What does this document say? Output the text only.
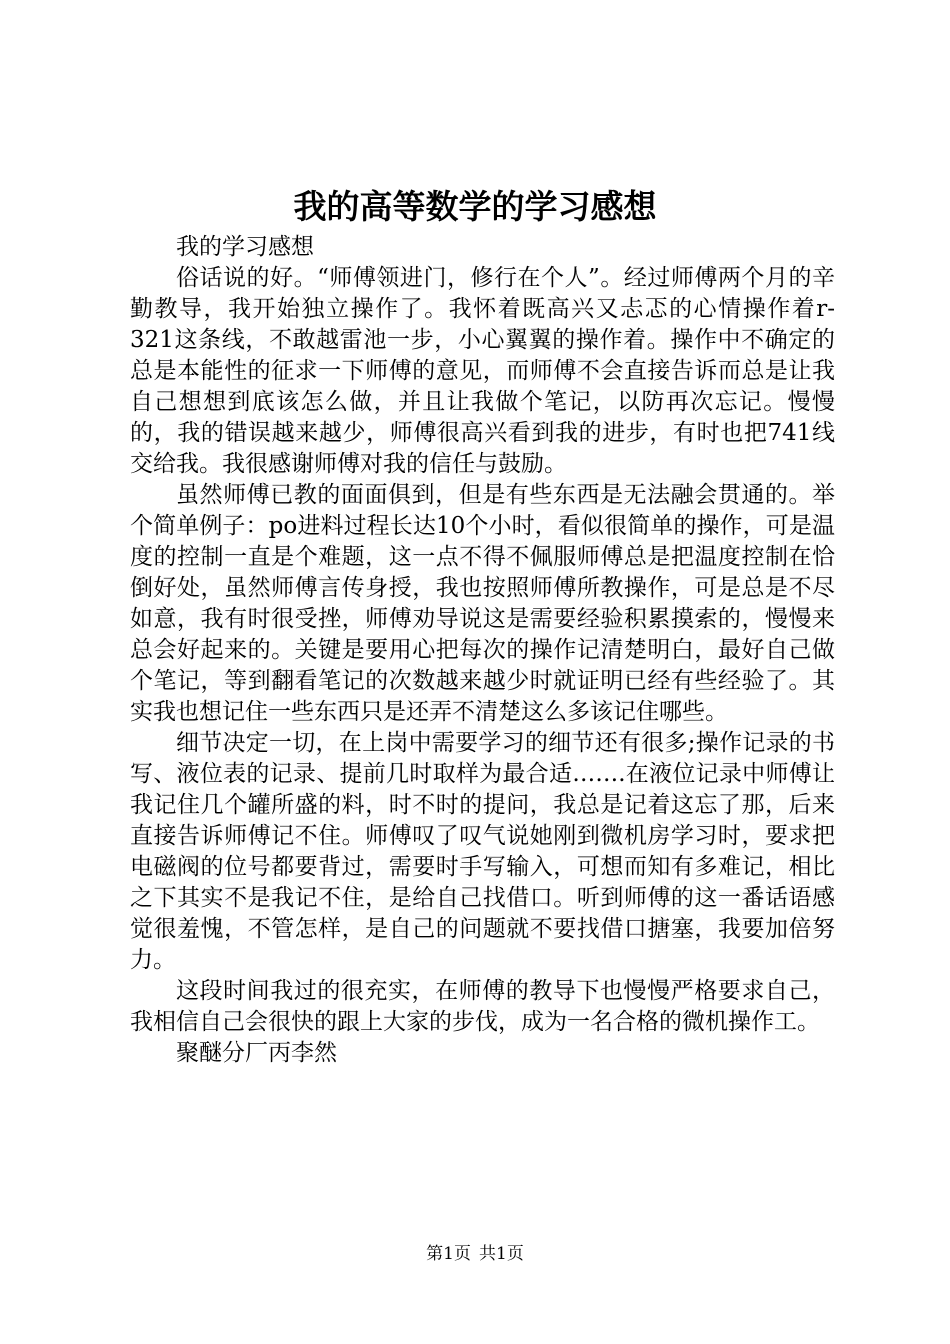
我的高等数学的学习感想

我的学习感想

俗话说的好。“师傅领进门，修行在个人”。经过师傅两个月的辛勤教导，我开始独立操作了。我怀着既高兴又忐忑的心情操作着r-321这条线，不敢越雷池一步，小心翼翼的操作着。操作中不确定的总是本能性的征求一下师傅的意见，而师傅不会直接告诉而总是让我自己想想到底该怎么做，并且让我做个笔记，以防再次忘记。慢慢的，我的错误越来越少，师傅很高兴看到我的进步，有时也把741线交给我。我很感谢师傅对我的信任与鼓励。

虽然师傅已教的面面俱到，但是有些东西是无法融会贯通的。举个简单例子：po进料过程长达10个小时，看似很简单的操作，可是温度的控制一直是个难题，这一点不得不佩服师傅总是把温度控制在恰倒好处，虽然师傅言传身授，我也按照师傅所教操作，可是总是不尽如意，我有时很受挫，师傅劝导说这是需要经验积累摸索的，慢慢来总会好起来的。关键是要用心把每次的操作记清楚明白，最好自己做个笔记，等到翻看笔记的次数越来越少时就证明已经有些经验了。其实我也想记住一些东西只是还弄不清楚这么多该记住哪些。

细节决定一切，在上岗中需要学习的细节还有很多;操作记录的书写、液位表的记录、提前几时取样为最合适…….在液位记录中师傅让我记住几个罐所盛的料，时不时的提问，我总是记着这忘了那，后来直接告诉师傅记不住。师傅叹了叹气说她刚到微机房学习时，要求把电磁阀的位号都要背过，需要时手写输入，可想而知有多难记，相比之下其实不是我记不住，是给自己找借口。听到师傅的这一番话语感觉很羞愧，不管怎样，是自己的问题就不要找借口搪塞，我要加倍努力。

这段时间我过的很充实，在师傅的教导下也慢慢严格要求自己，我相信自己会很快的跟上大家的步伐，成为一名合格的微机操作工。

聚醚分厂丙李然

第1页 共1页
